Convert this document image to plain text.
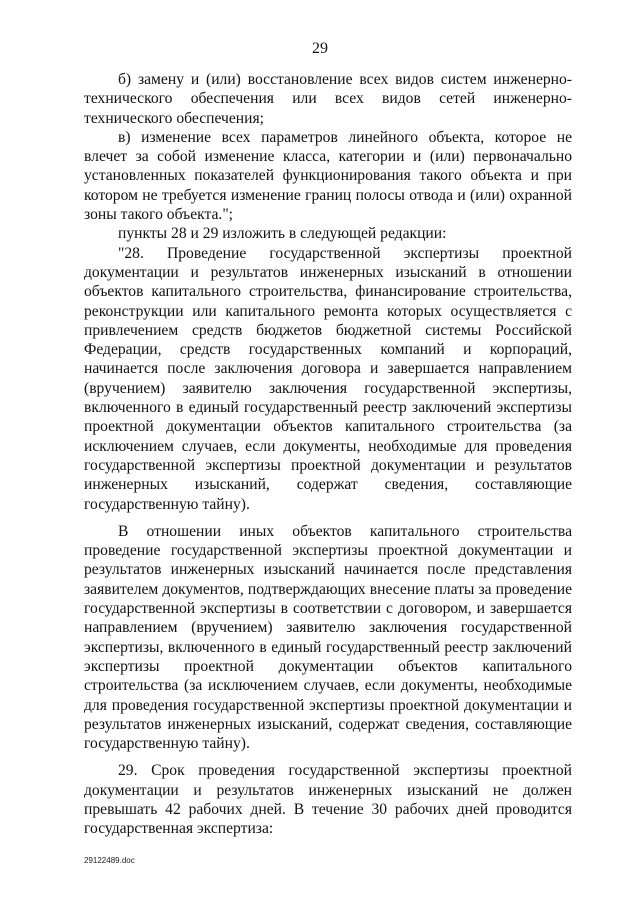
29

б) замену и (или) восстановление всех видов систем инженерно-технического обеспечения или всех видов сетей инженерно-технического обеспечения;

в) изменение всех параметров линейного объекта, которое не влечет за собой изменение класса, категории и (или) первоначально установленных показателей функционирования такого объекта и при котором не требуется изменение границ полосы отвода и (или) охранной зоны такого объекта.";

пункты 28 и 29 изложить в следующей редакции:

"28. Проведение государственной экспертизы проектной документации и результатов инженерных изысканий в отношении объектов капитального строительства, финансирование строительства, реконструкции или капитального ремонта которых осуществляется с привлечением средств бюджетов бюджетной системы Российской Федерации, средств государственных компаний и корпораций, начинается после заключения договора и завершается направлением (вручением) заявителю заключения государственной экспертизы, включенного в единый государственный реестр заключений экспертизы проектной документации объектов капитального строительства (за исключением случаев, если документы, необходимые для проведения государственной экспертизы проектной документации и результатов инженерных изысканий, содержат сведения, составляющие государственную тайну).

В отношении иных объектов капитального строительства проведение государственной экспертизы проектной документации и результатов инженерных изысканий начинается после представления заявителем документов, подтверждающих внесение платы за проведение государственной экспертизы в соответствии с договором, и завершается направлением (вручением) заявителю заключения государственной экспертизы, включенного в единый государственный реестр заключений экспертизы проектной документации объектов капитального строительства (за исключением случаев, если документы, необходимые для проведения государственной экспертизы проектной документации и результатов инженерных изысканий, содержат сведения, составляющие государственную тайну).

29. Срок проведения государственной экспертизы проектной документации и результатов инженерных изысканий не должен превышать 42 рабочих дней. В течение 30 рабочих дней проводится государственная экспертиза:

29122489.doc
